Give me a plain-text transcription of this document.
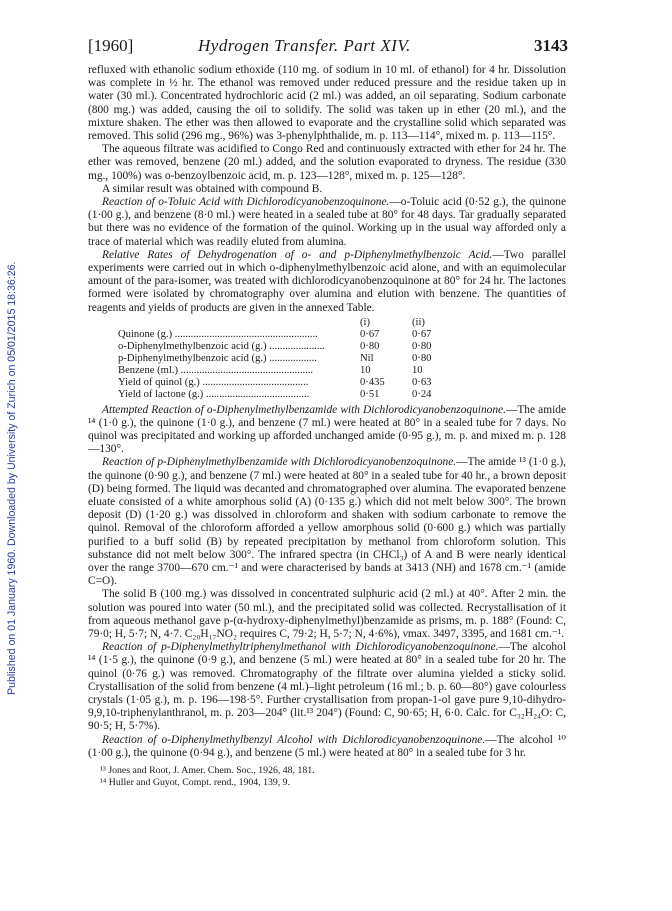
[1960]	Hydrogen Transfer. Part XIV.	3143
Published on 01 January 1960. Downloaded by University of Zurich on 05/01/2015 18:36:26.

refluxed with ethanolic sodium ethoxide (110 mg. of sodium in 10 ml. of ethanol) for 4 hr. Dissolution was complete in ½ hr. The ethanol was removed under reduced pressure and the residue taken up in water (30 ml.). Concentrated hydrochloric acid (2 ml.) was added, an oil separating. Sodium carbonate (800 mg.) was added, causing the oil to solidify. The solid was taken up in ether (20 ml.), and the mixture shaken. The ether was then allowed to evaporate and the crystalline solid which separated was removed. This solid (296 mg., 96%) was 3-phenylphthalide, m. p. 113—114°, mixed m. p. 113—115°.

The aqueous filtrate was acidified to Congo Red and continuously extracted with ether for 24 hr. The ether was removed, benzene (20 ml.) added, and the solution evaporated to dryness. The residue (330 mg., 100%) was o-benzoylbenzoic acid, m. p. 123—128°, mixed m. p. 125—128°.

A similar result was obtained with compound B.

Reaction of o-Toluic Acid with Dichlorodicyanobenzoquinone.—o-Toluic acid (0·52 g.), the quinone (1·00 g.), and benzene (8·0 ml.) were heated in a sealed tube at 80° for 48 days. Tar gradually separated but there was no evidence of the formation of the quinol. Working up in the usual way afforded only a trace of material which was readily eluted from alumina.

Relative Rates of Dehydrogenation of o- and p-Diphenylmethylbenzoic Acid.—Two parallel experiments were carried out in which o-diphenylmethylbenzoic acid alone, and with an equimolecular amount of the para-isomer, was treated with dichlorodicyanobenzoquinone at 80° for 24 hr. The lactones formed were isolated by chromatography over alumina and elution with benzene. The quantities of reagents and yields of products are given in the annexed Table.

	(i)	(ii)
Quinone (g.) ......................................................	0·67	0·67
o-Diphenylmethylbenzoic acid (g.) .....................	0·80	0·80
p-Diphenylmethylbenzoic acid (g.) ..................	Nil	0·80
Benzene (ml.) ..................................................	10	10
Yield of quinol (g.) ........................................	0·435	0·63
Yield of lactone (g.) .......................................	0·51	0·24

Attempted Reaction of o-Diphenylmethylbenzamide with Dichlorodicyanobenzoquinone.—The amide ¹⁴ (1·0 g.), the quinone (1·0 g.), and benzene (7 ml.) were heated at 80° in a sealed tube for 7 days. No quinol was precipitated and working up afforded unchanged amide (0·95 g.), m. p. and mixed m. p. 128—130°.

Reaction of p-Diphenylmethylbenzamide with Dichlorodicyanobenzoquinone.—The amide ¹³ (1·0 g.), the quinone (0·90 g.), and benzene (7 ml.) were heated at 80° in a sealed tube for 40 hr., a brown deposit (D) being formed. The liquid was decanted and chromatographed over alumina. The evaporated benzene eluate consisted of a white amorphous solid (A) (0·135 g.) which did not melt below 300°. The brown deposit (D) (1·20 g.) was dissolved in chloroform and shaken with sodium carbonate to remove the quinol. Removal of the chloroform afforded a yellow amorphous solid (0·600 g.) which was partially purified to a buff solid (B) by repeated precipitation by methanol from chloroform solution. This substance did not melt below 300°. The infrared spectra (in CHCl₃) of A and B were nearly identical over the range 3700—670 cm.⁻¹ and were characterised by bands at 3413 (NH) and 1678 cm.⁻¹ (amide C=O).

The solid B (100 mg.) was dissolved in concentrated sulphuric acid (2 ml.) at 40°. After 2 min. the solution was poured into water (50 ml.), and the precipitated solid was collected. Recrystallisation of it from aqueous methanol gave p-(α-hydroxy-diphenylmethyl)benzamide as prisms, m. p. 188° (Found: C, 79·0; H, 5·7; N, 4·7. C₂₀H₁₇NO₂ requires C, 79·2; H, 5·7; N, 4·6%), νmax. 3497, 3395, and 1681 cm.⁻¹.

Reaction of p-Diphenylmethyltriphenylmethanol with Dichlorodicyanobenzoquinone.—The alcohol ¹⁴ (1·5 g.), the quinone (0·9 g.), and benzene (5 ml.) were heated at 80° in a sealed tube for 20 hr. The quinol (0·76 g.) was removed. Chromatography of the filtrate over alumina yielded a sticky solid. Crystallisation of the solid from benzene (4 ml.)–light petroleum (16 ml.; b. p. 60—80°) gave colourless crystals (1·05 g.), m. p. 196—198·5°. Further crystallisation from propan-1-ol gave pure 9,10-dihydro-9,9,10-triphenylanthranol, m. p. 203—204° (lit.¹³ 204°) (Found: C, 90·65; H, 6·0. Calc. for C₃₂H₂₄O: C, 90·5; H, 5·7%).

Reaction of o-Diphenylmethylbenzyl Alcohol with Dichlorodicyanobenzoquinone.—The alcohol ¹⁰ (1·00 g.), the quinone (0·94 g.), and benzene (5 ml.) were heated at 80° in a sealed tube for 3 hr.

¹³ Jones and Root, J. Amer. Chem. Soc., 1926, 48, 181.

¹⁴ Huller and Guyot, Compt. rend., 1904, 139, 9.
